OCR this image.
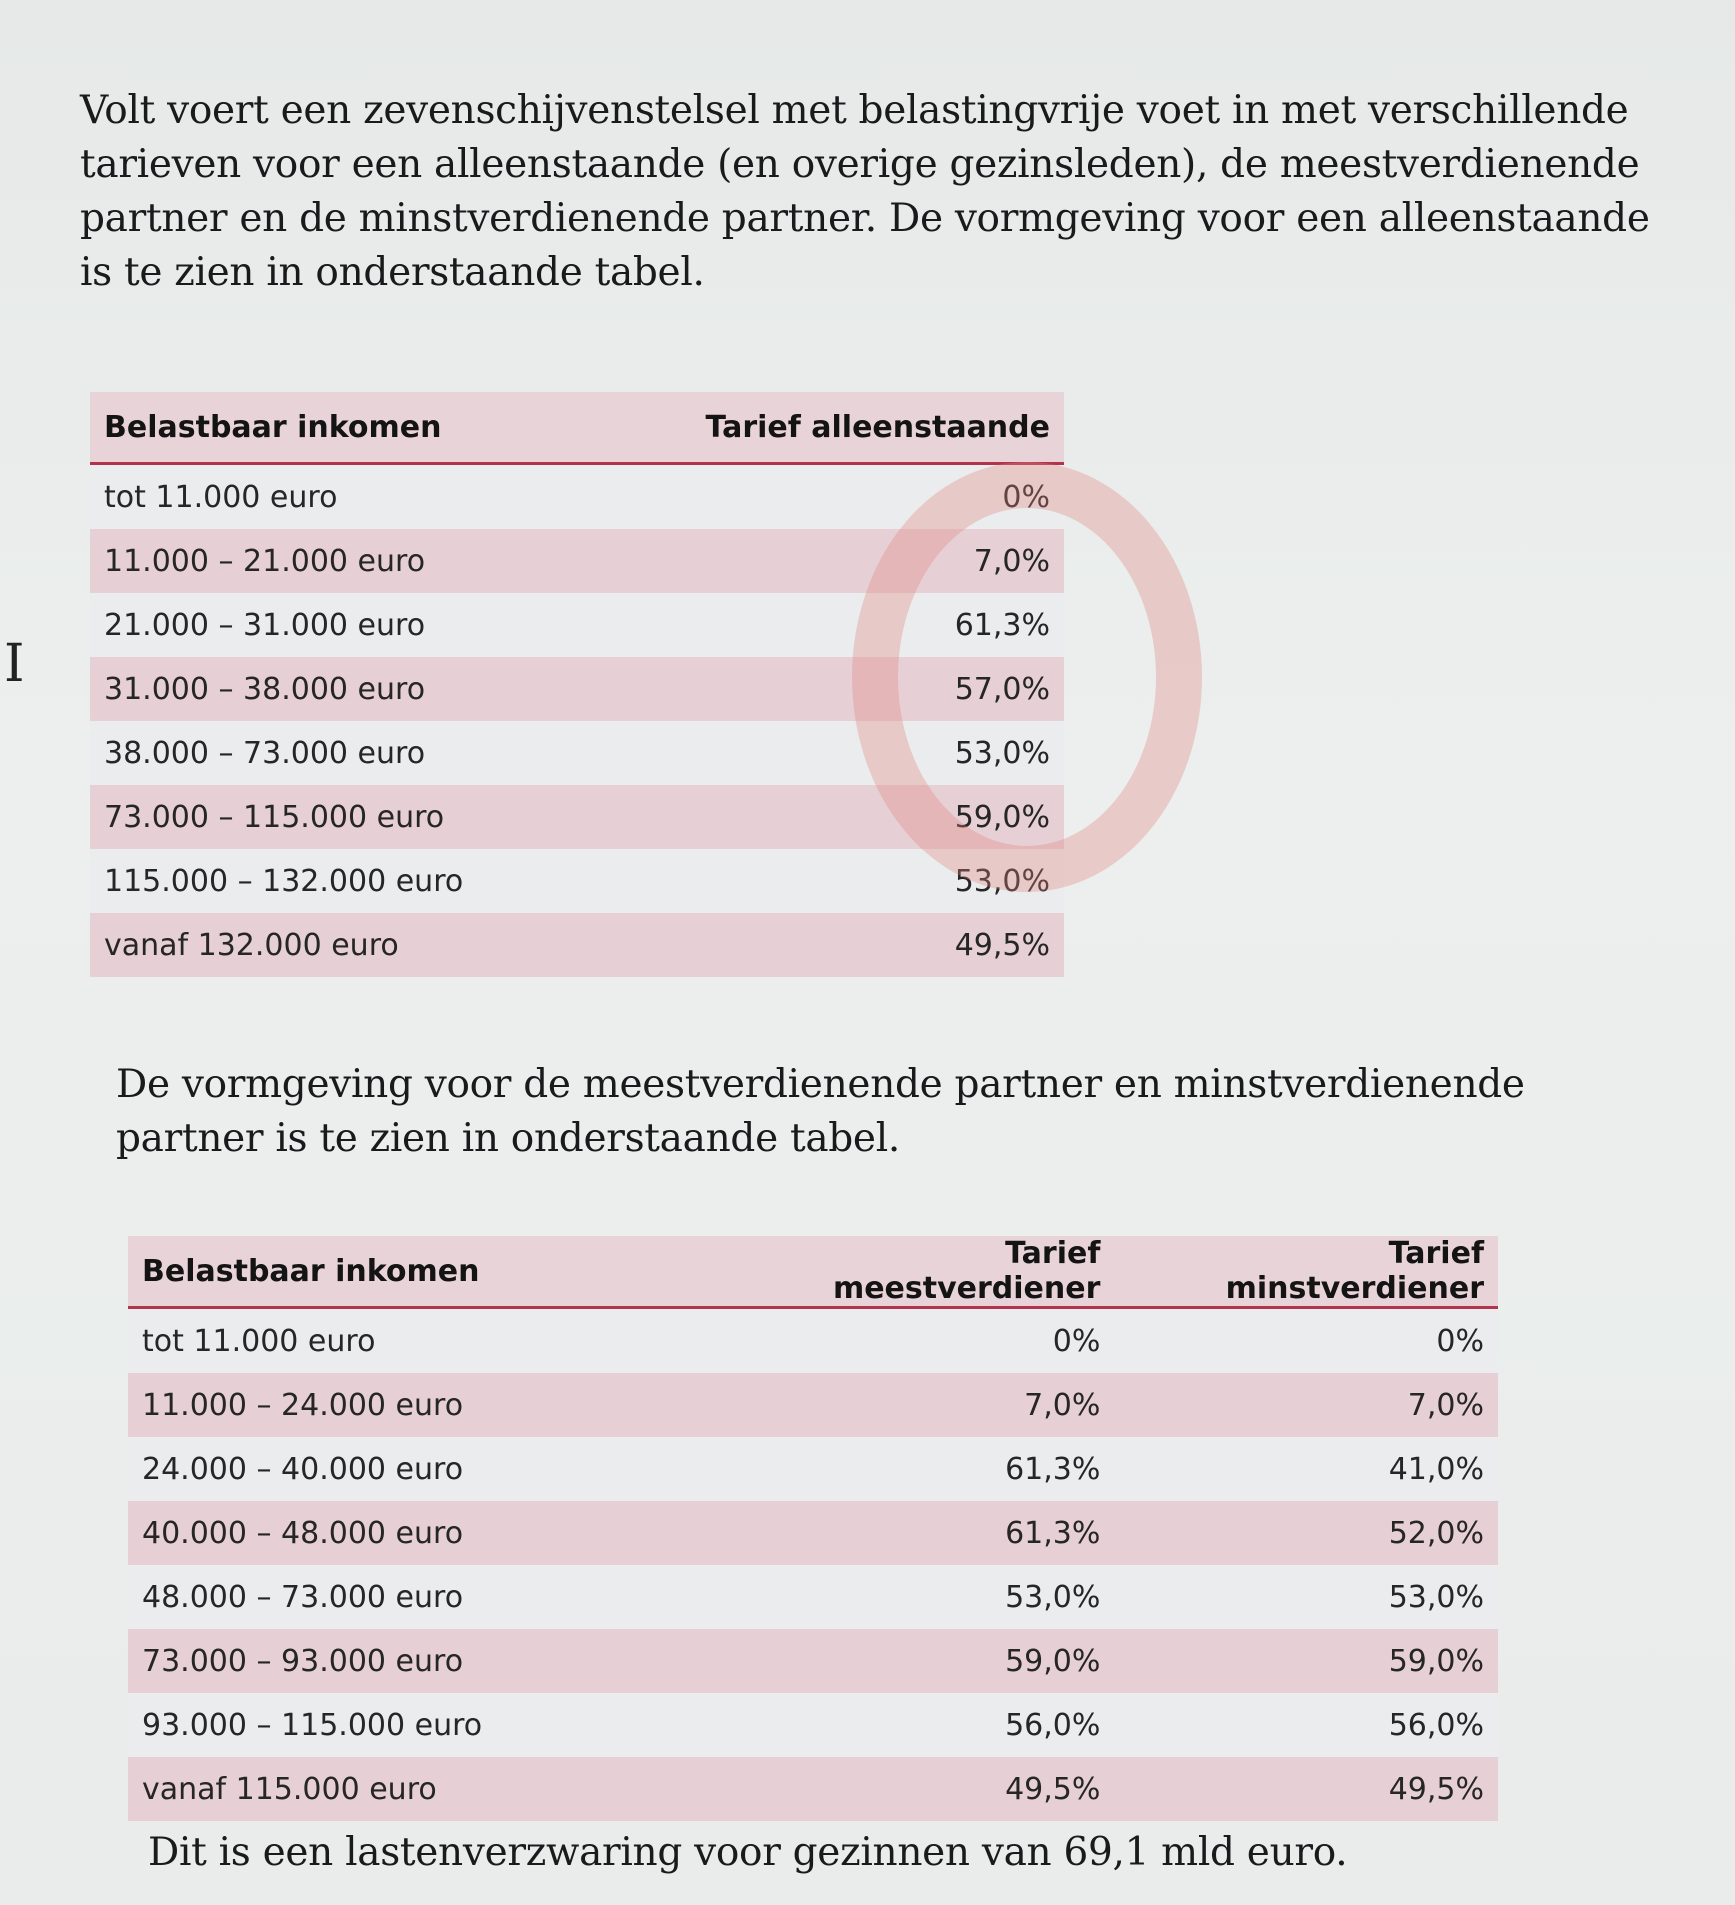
I

Volt voert een zevenschijvenstelsel met belastingvrije voet in met verschillende tarieven voor een alleenstaande (en overige gezinsleden), de meestverdienende partner en de minstverdienende partner. De vormgeving voor een alleenstaande is te zien in onderstaande tabel.

Belastbaar inkomen	Tarief alleenstaande
tot 11.000 euro	0%
11.000 – 21.000 euro	7,0%
21.000 – 31.000 euro	61,3%
31.000 – 38.000 euro	57,0%
38.000 – 73.000 euro	53,0%
73.000 – 115.000 euro	59,0%
115.000 – 132.000 euro	53,0%
vanaf 132.000 euro	49,5%

De vormgeving voor de meestverdienende partner en minstverdienende partner is te zien in onderstaande tabel.

Belastbaar inkomen	Tarief meestverdiener	Tarief minstverdiener
tot 11.000 euro	0%	0%
11.000 – 24.000 euro	7,0%	7,0%
24.000 – 40.000 euro	61,3%	41,0%
40.000 – 48.000 euro	61,3%	52,0%
48.000 – 73.000 euro	53,0%	53,0%
73.000 – 93.000 euro	59,0%	59,0%
93.000 – 115.000 euro	56,0%	56,0%
vanaf 115.000 euro	49,5%	49,5%

Dit is een lastenverzwaring voor gezinnen van 69,1 mld euro.
